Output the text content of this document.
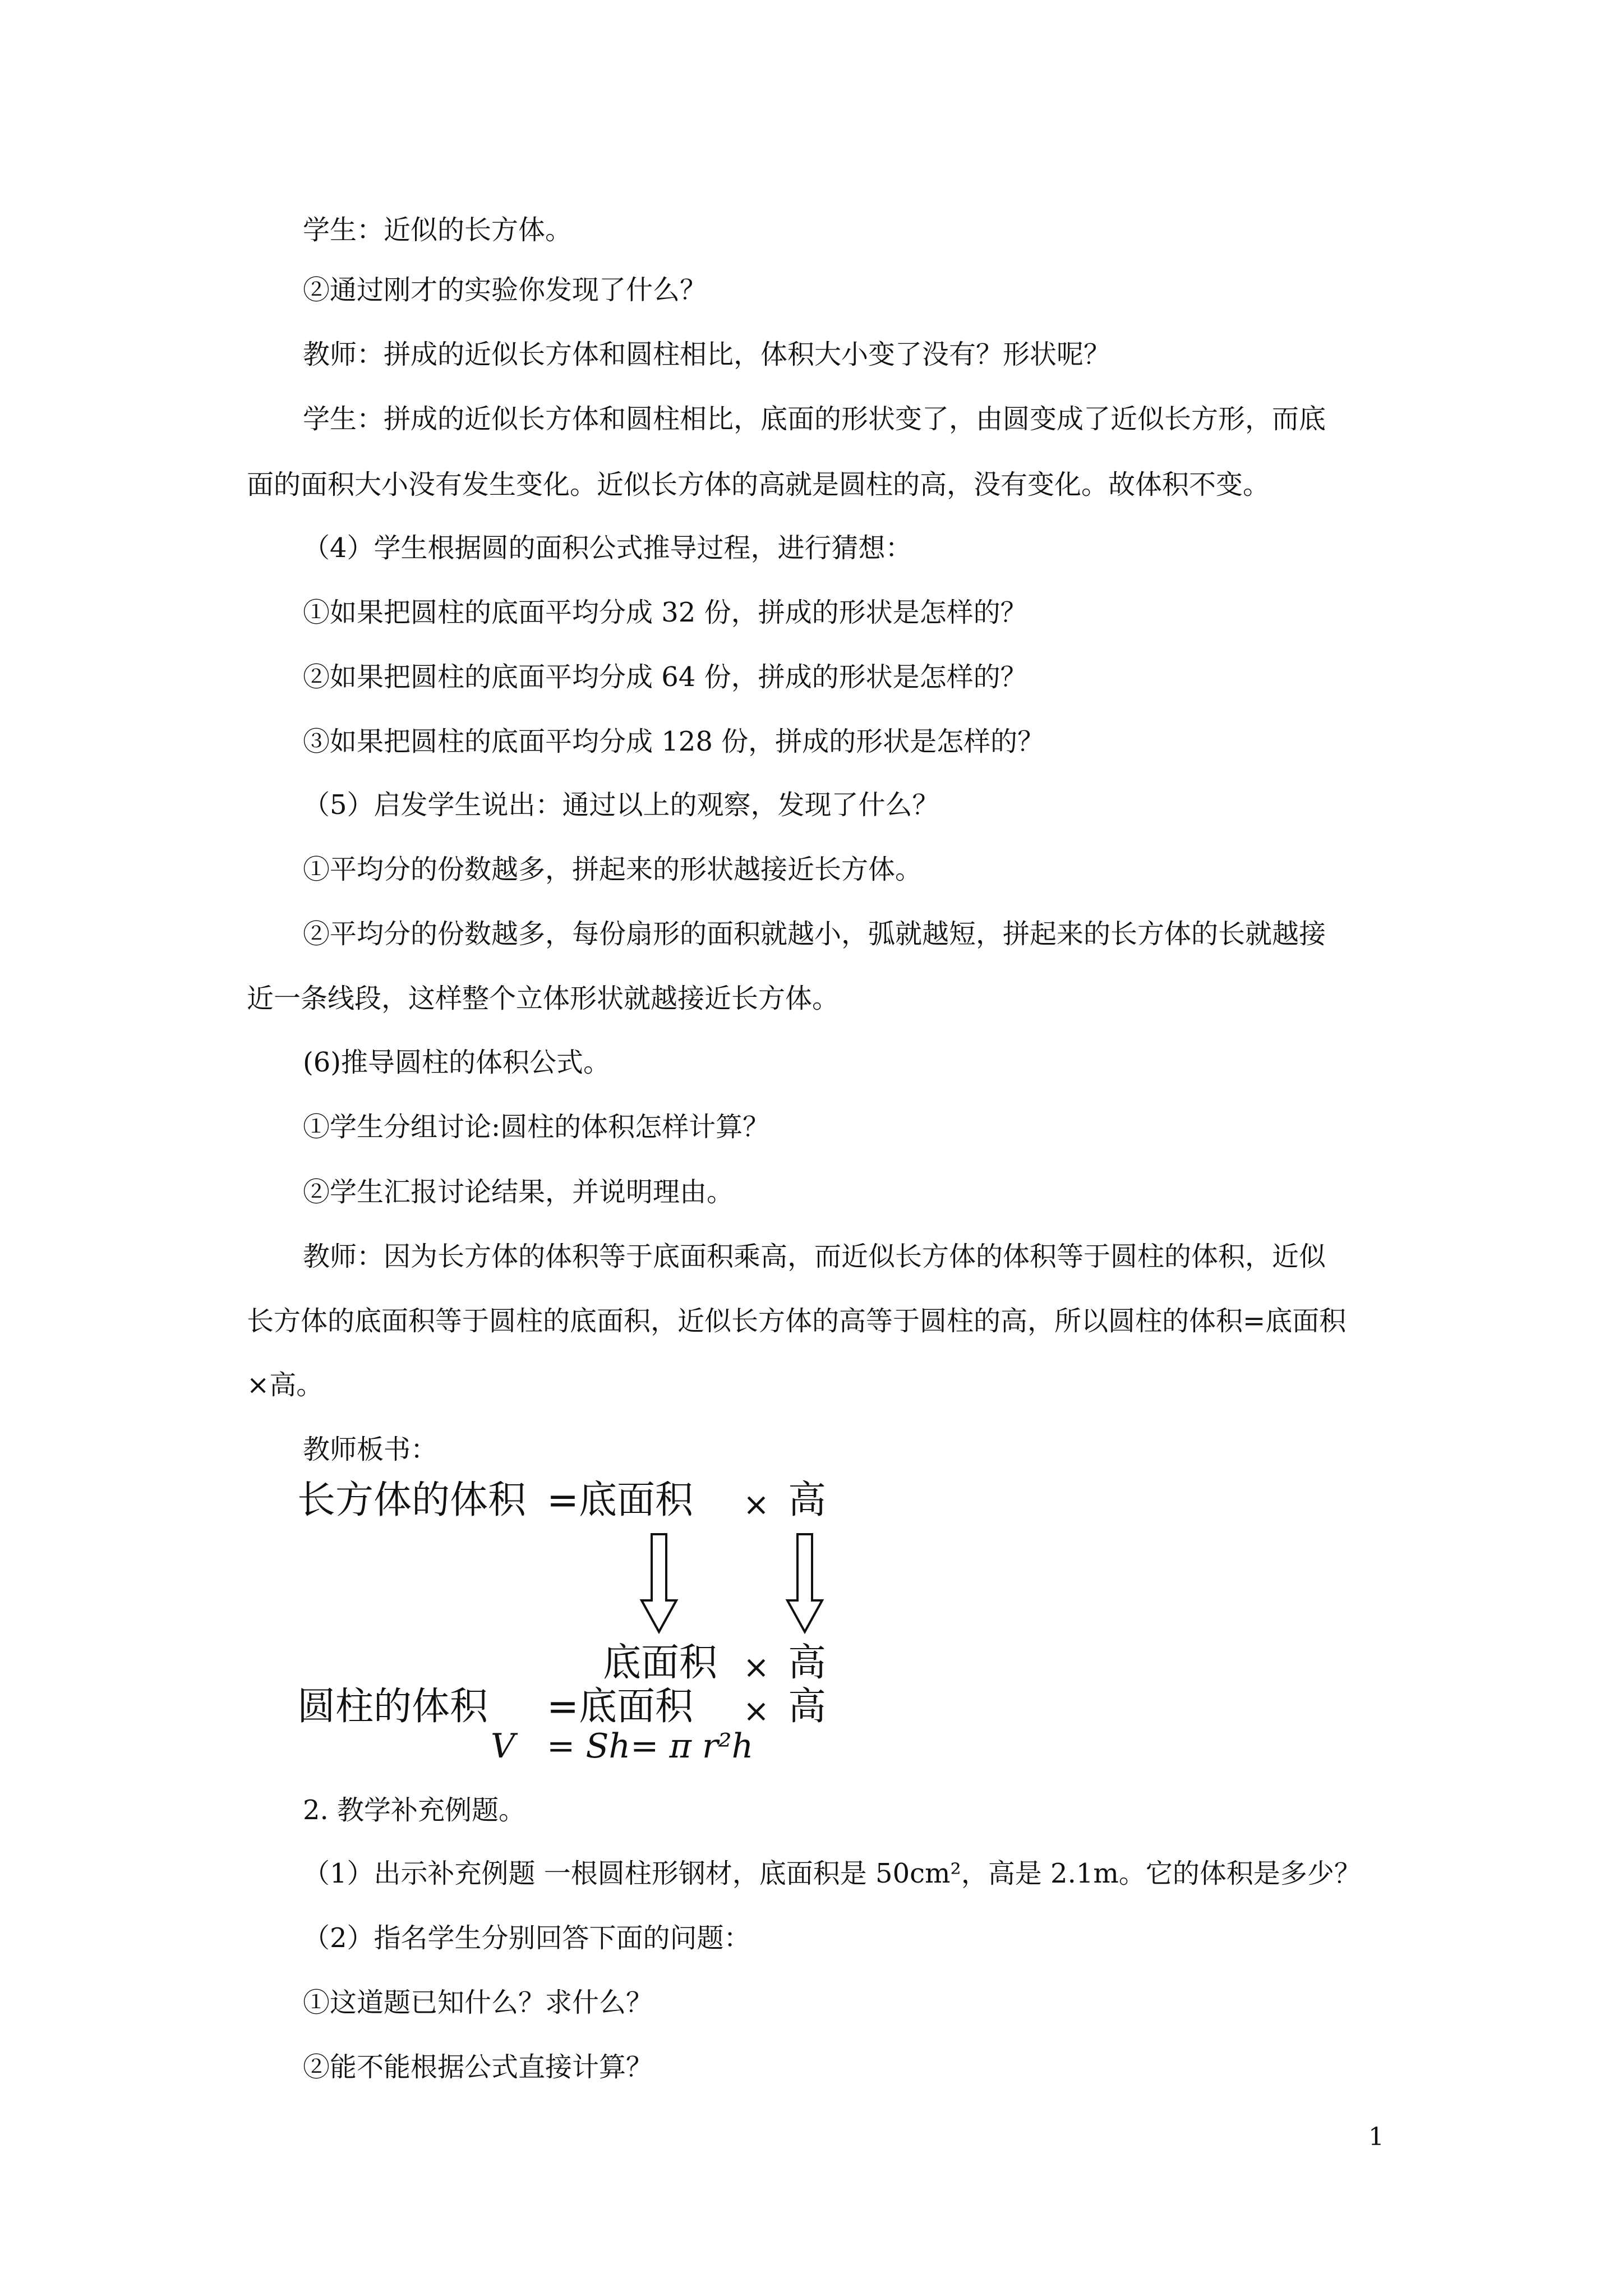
学生：近似的长方体。
②通过刚才的实验你发现了什么？
教师：拼成的近似长方体和圆柱相比，体积大小变了没有？形状呢？
学生：拼成的近似长方体和圆柱相比，底面的形状变了，由圆变成了近似长方形，而底
面的面积大小没有发生变化。近似长方体的高就是圆柱的高，没有变化。故体积不变。
（4）学生根据圆的面积公式推导过程，进行猜想：
①如果把圆柱的底面平均分成 32 份，拼成的形状是怎样的？
②如果把圆柱的底面平均分成 64 份，拼成的形状是怎样的？
③如果把圆柱的底面平均分成 128 份，拼成的形状是怎样的？
（5）启发学生说出：通过以上的观察，发现了什么？
①平均分的份数越多，拼起来的形状越接近长方体。
②平均分的份数越多，每份扇形的面积就越小，弧就越短，拼起来的长方体的长就越接
近一条线段，这样整个立体形状就越接近长方体。
(6)推导圆柱的体积公式。
①学生分组讨论:圆柱的体积怎样计算？
②学生汇报讨论结果，并说明理由。
教师：因为长方体的体积等于底面积乘高，而近似长方体的体积等于圆柱的体积，近似
长方体的底面积等于圆柱的底面积，近似长方体的高等于圆柱的高，所以圆柱的体积=底面积
×高。
教师板书：
长方体的体积 =底面积 × 高
底面积 × 高
圆柱的体积 =底面积 × 高
V = Sh= π r²h
2. 教学补充例题。
（1）出示补充例题 一根圆柱形钢材，底面积是 50cm²，高是 2.1m。它的体积是多少？
（2）指名学生分别回答下面的问题：
①这道题已知什么？求什么？
②能不能根据公式直接计算？
1
